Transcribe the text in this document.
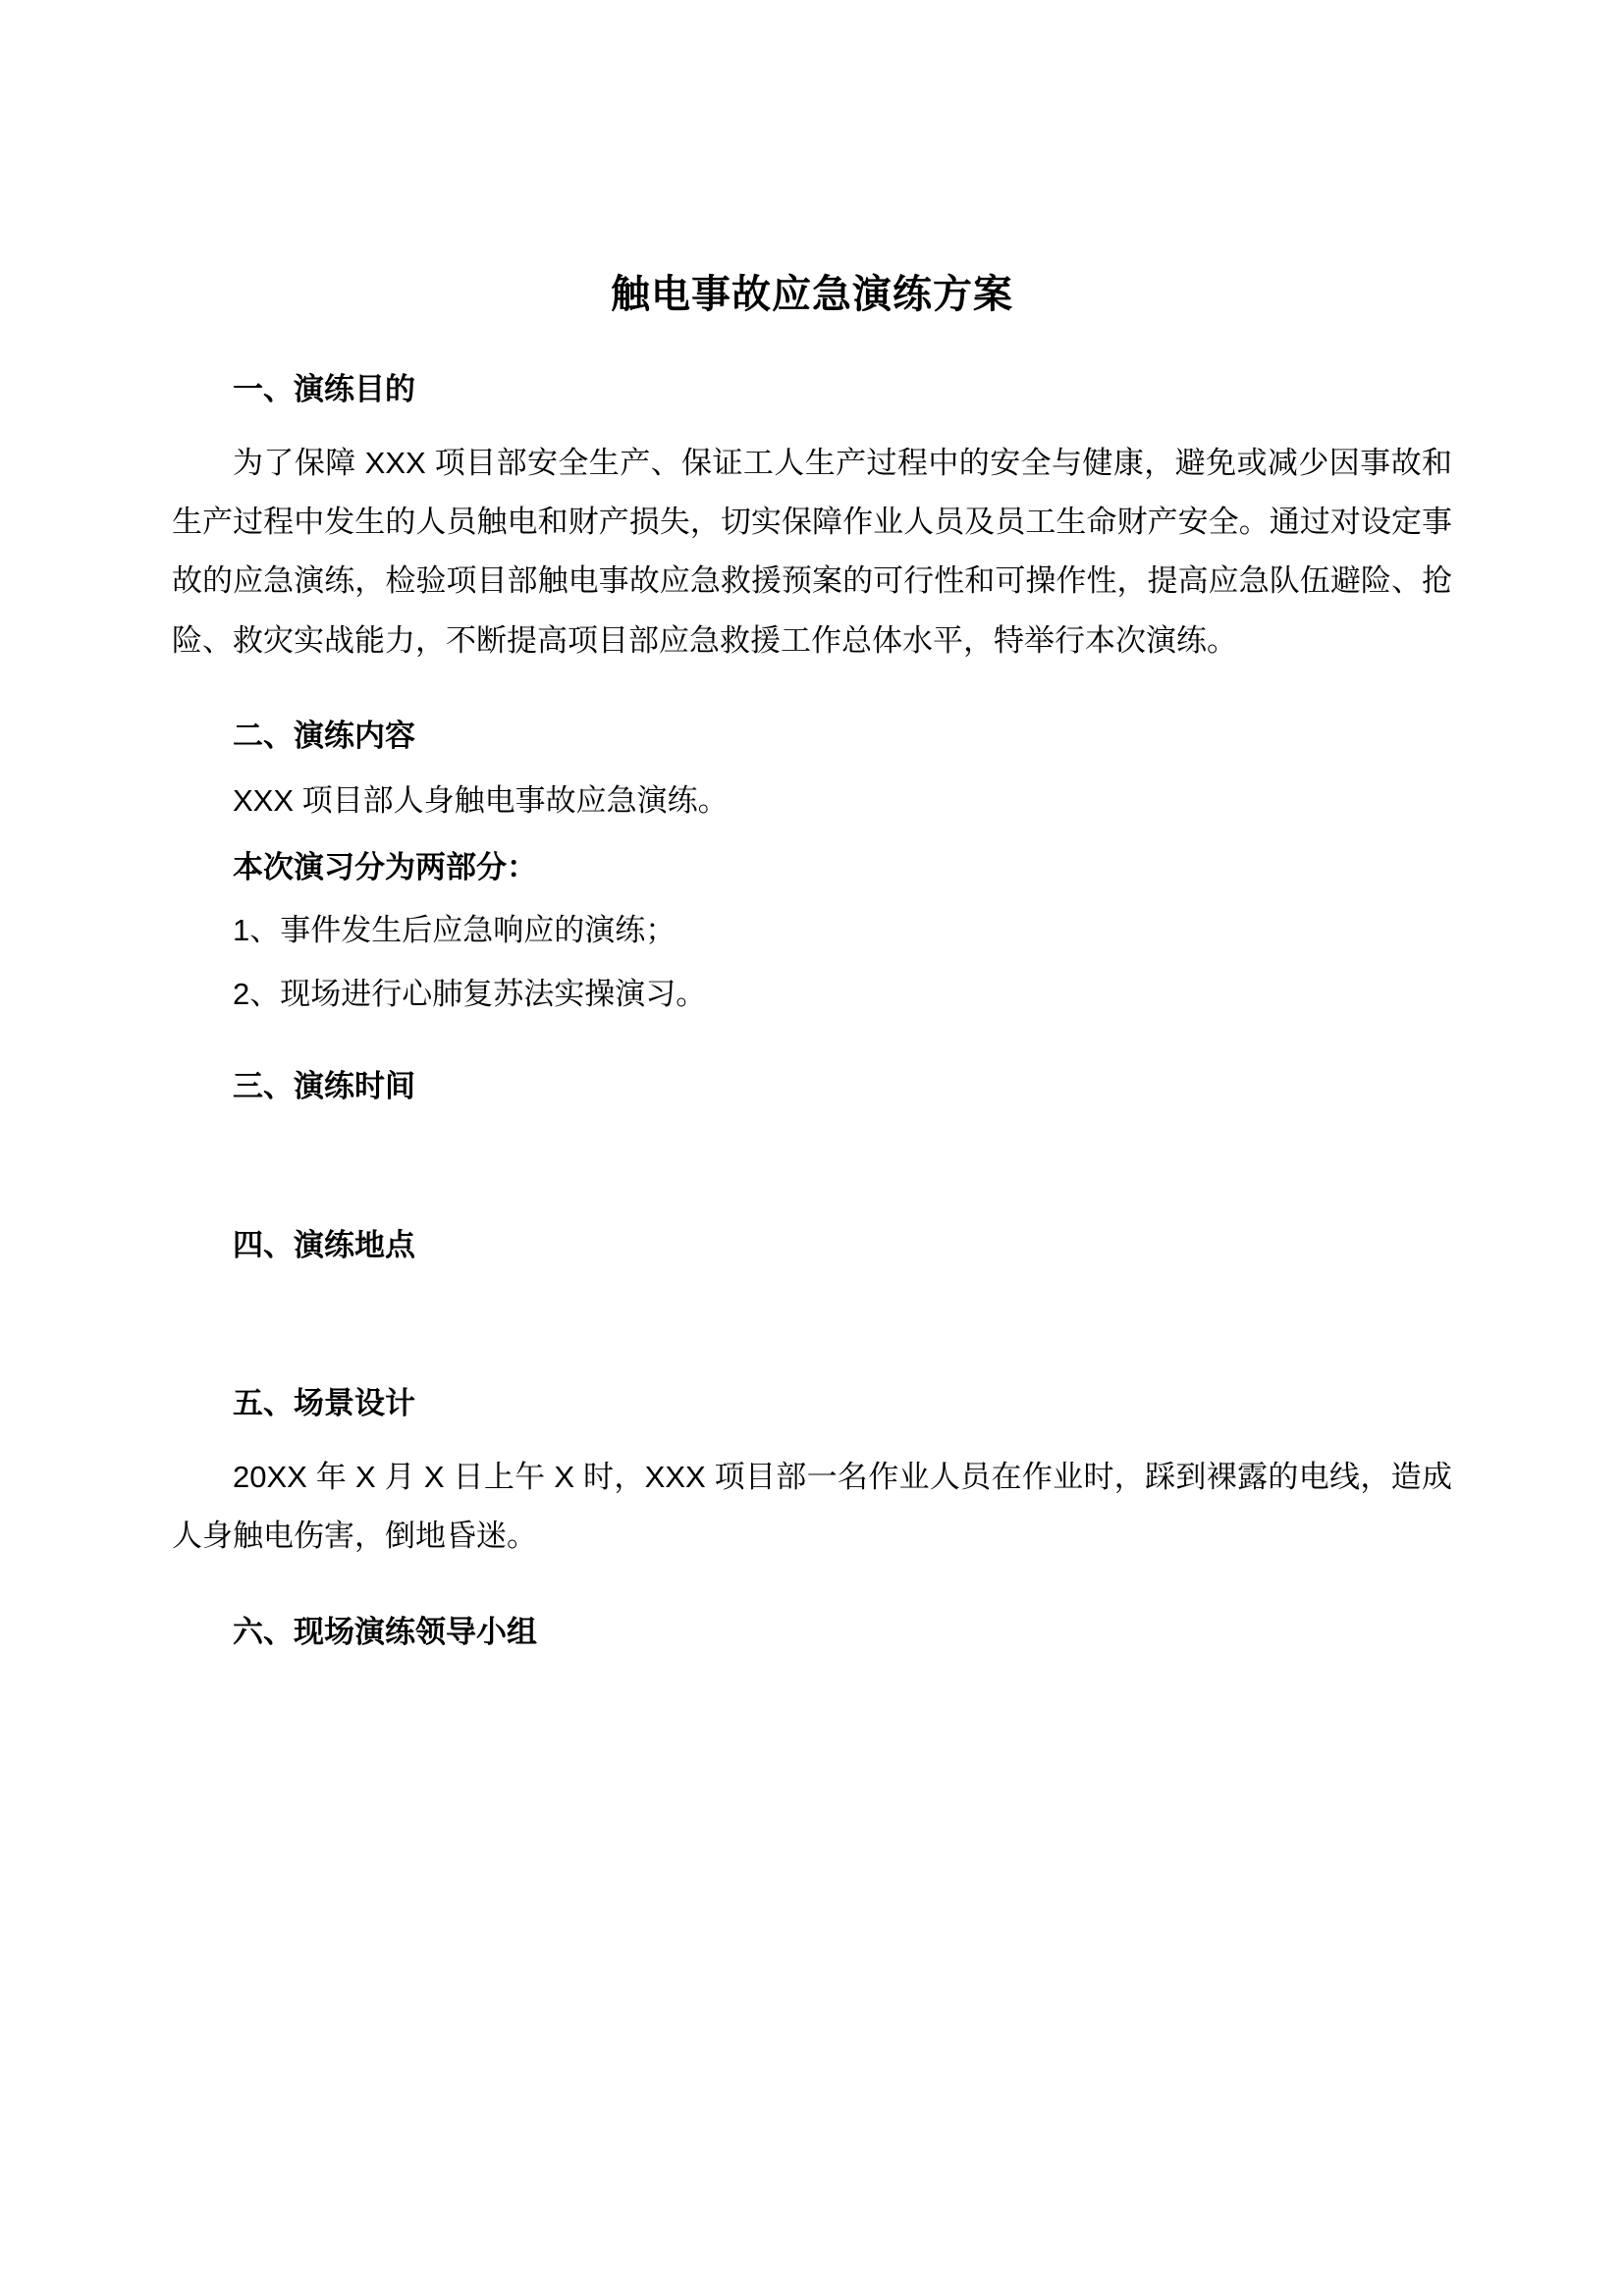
触电事故应急演练方案
一、演练目的

为了保障 XXX 项目部安全生产、保证工人生产过程中的安全与健康，避免或减少因事故和生产过程中发生的人员触电和财产损失，切实保障作业人员及员工生命财产安全。通过对设定事故的应急演练，检验项目部触电事故应急救援预案的可行性和可操作性，提高应急队伍避险、抢险、救灾实战能力，不断提高项目部应急救援工作总体水平，特举行本次演练。

二、演练内容

XXX 项目部人身触电事故应急演练。

本次演习分为两部分：

1、事件发生后应急响应的演练；

2、现场进行心肺复苏法实操演习。

三、演练时间
四、演练地点
五、场景设计

20XX 年 X 月 X 日上午 X 时，XXX 项目部一名作业人员在作业时，踩到裸露的电线，造成人身触电伤害，倒地昏迷。

六、现场演练领导小组
